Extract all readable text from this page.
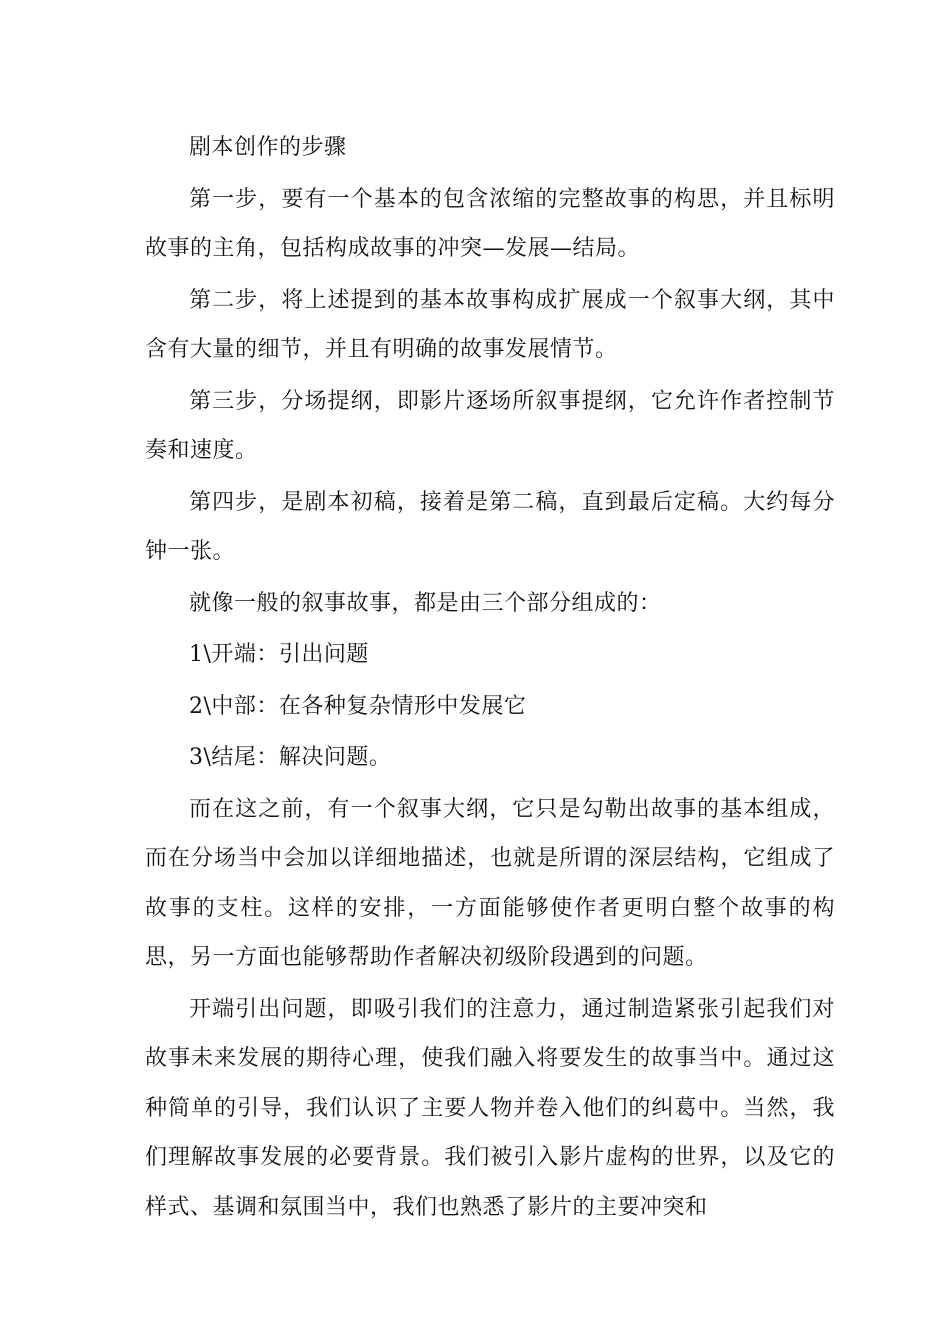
剧本创作的步骤

第一步，要有一个基本的包含浓缩的完整故事的构思，并且标明故事的主角，包括构成故事的冲突—发展—结局。

第二步，将上述提到的基本故事构成扩展成一个叙事大纲，其中含有大量的细节，并且有明确的故事发展情节。

第三步，分场提纲，即影片逐场所叙事提纲，它允许作者控制节奏和速度。

第四步，是剧本初稿，接着是第二稿，直到最后定稿。大约每分钟一张。

就像一般的叙事故事，都是由三个部分组成的：

1\开端：引出问题

2\中部：在各种复杂情形中发展它

3\结尾：解决问题。

而在这之前，有一个叙事大纲，它只是勾勒出故事的基本组成，而在分场当中会加以详细地描述，也就是所谓的深层结构，它组成了故事的支柱。这样的安排，一方面能够使作者更明白整个故事的构思，另一方面也能够帮助作者解决初级阶段遇到的问题。

开端引出问题，即吸引我们的注意力，通过制造紧张引起我们对故事未来发展的期待心理，使我们融入将要发生的故事当中。通过这种简单的引导，我们认识了主要人物并卷入他们的纠葛中。当然，我们理解故事发展的必要背景。我们被引入影片虚构的世界，以及它的样式、基调和氛围当中，我们也熟悉了影片的主要冲突和
